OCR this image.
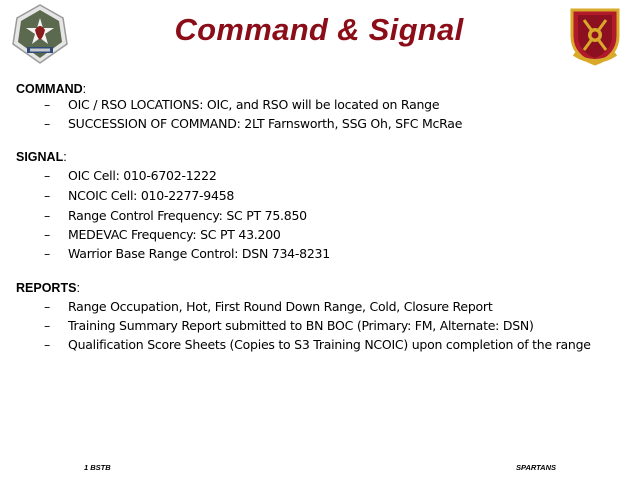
Command & Signal
COMMAND:
– OIC / RSO LOCATIONS: OIC, and RSO will be located on Range
– SUCCESSION OF COMMAND: 2LT Farnsworth, SSG Oh, SFC McRae
SIGNAL:
– OIC Cell: 010-6702-1222
– NCOIC Cell: 010-2277-9458
– Range Control Frequency: SC PT 75.850
– MEDEVAC Frequency: SC PT 43.200
– Warrior Base Range Control: DSN 734-8231
REPORTS:
– Range Occupation, Hot, First Round Down Range, Cold, Closure Report
– Training Summary Report submitted to BN BOC (Primary: FM, Alternate: DSN)
– Qualification Score Sheets (Copies to S3 Training NCOIC) upon completion of the range
1 BSTB	SPARTANS
